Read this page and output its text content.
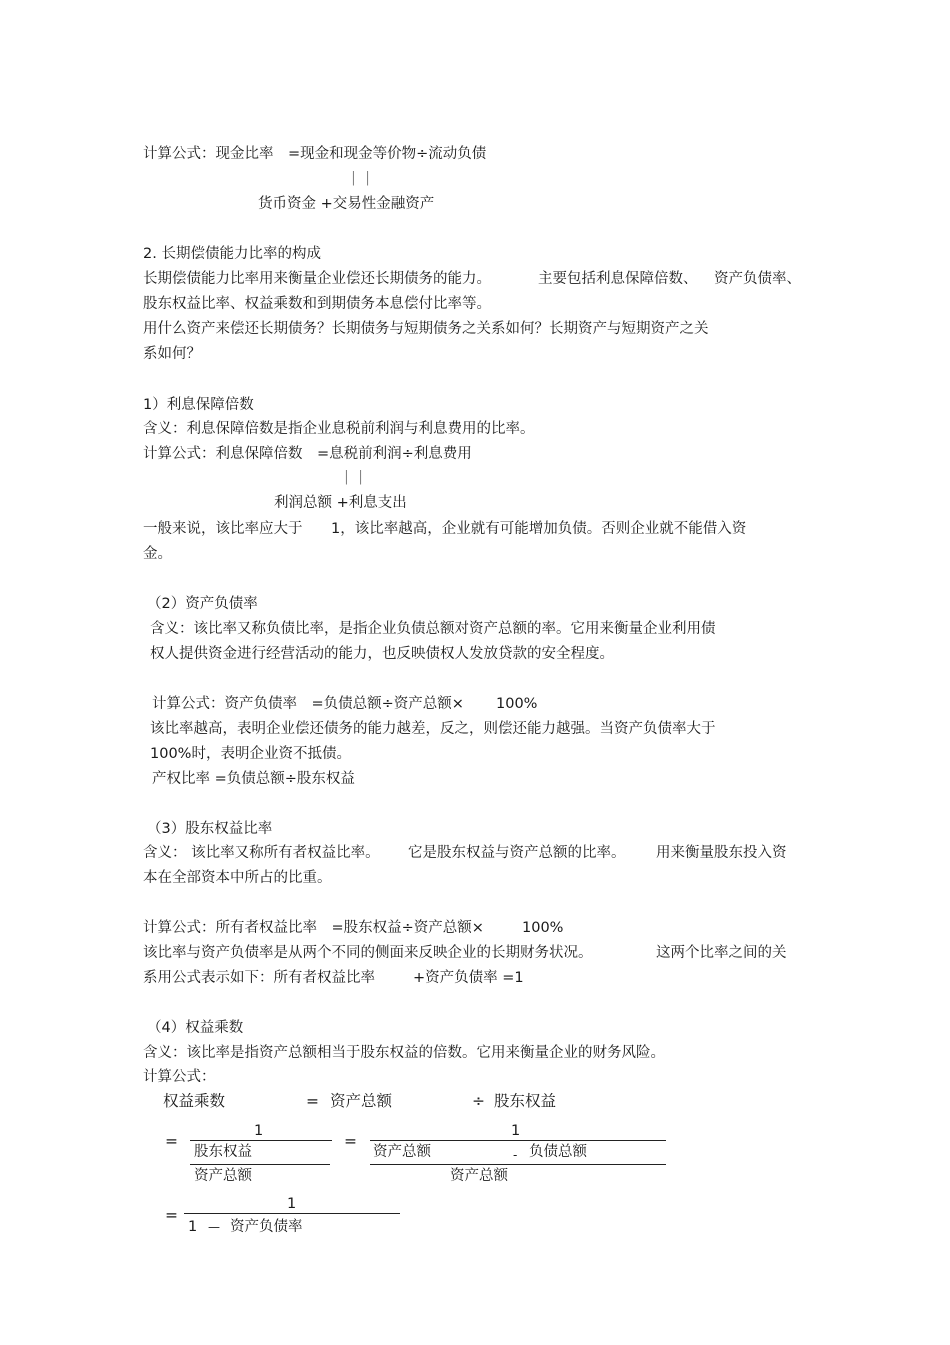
计算公式：现金比率　=现金和现金等价物÷流动负债
｜｜
货币资金 +交易性金融资产
2. 长期偿债能力比率的构成
长期偿债能力比率用来衡量企业偿还长期债务的能力。	主要包括利息保障倍数、 资产负债率、
股东权益比率、权益乘数和到期债务本息偿付比率等。
用什么资产来偿还长期债务？长期债务与短期债务之关系如何？长期资产与短期资产之关
系如何？
1）利息保障倍数
含义：利息保障倍数是指企业息税前利润与利息费用的比率。
计算公式：利息保障倍数　=息税前利润÷利息费用
｜｜
利润总额 +利息支出
一般来说，该比率应大于 1，该比率越高，企业就有可能增加负债。否则企业就不能借入资
金。
（2）资产负债率
含义：该比率又称负债比率，是指企业负债总额对资产总额的率。它用来衡量企业利用债
权人提供资金进行经营活动的能力，也反映债权人发放贷款的安全程度。
计算公式：资产负债率　=负债总额÷资产总额× 100%
该比率越高，表明企业偿还债务的能力越差，反之，则偿还能力越强。当资产负债率大于
100%时，表明企业资不抵债。
产权比率 =负债总额÷股东权益
（3）股东权益比率
含义： 该比率又称所有者权益比率。 它是股东权益与资产总额的比率。 用来衡量股东投入资
本在全部资本中所占的比重。
计算公式：所有者权益比率　=股东权益÷资产总额×	100%
该比率与资产负债率是从两个不同的侧面来反映企业的长期财务状况。	这两个比率之间的关
系用公式表示如下：所有者权益比率	+资产负债率 =1
（4）权益乘数
含义：该比率是指资产总额相当于股东权益的倍数。它用来衡量企业的财务风险。
计算公式：
权益乘数	= 资产总额	÷ 股东权益
=
1
股东权益
资产总额
=
1
资产总额	- 负债总额
资产总额
=
1
1 — 资产负债率
